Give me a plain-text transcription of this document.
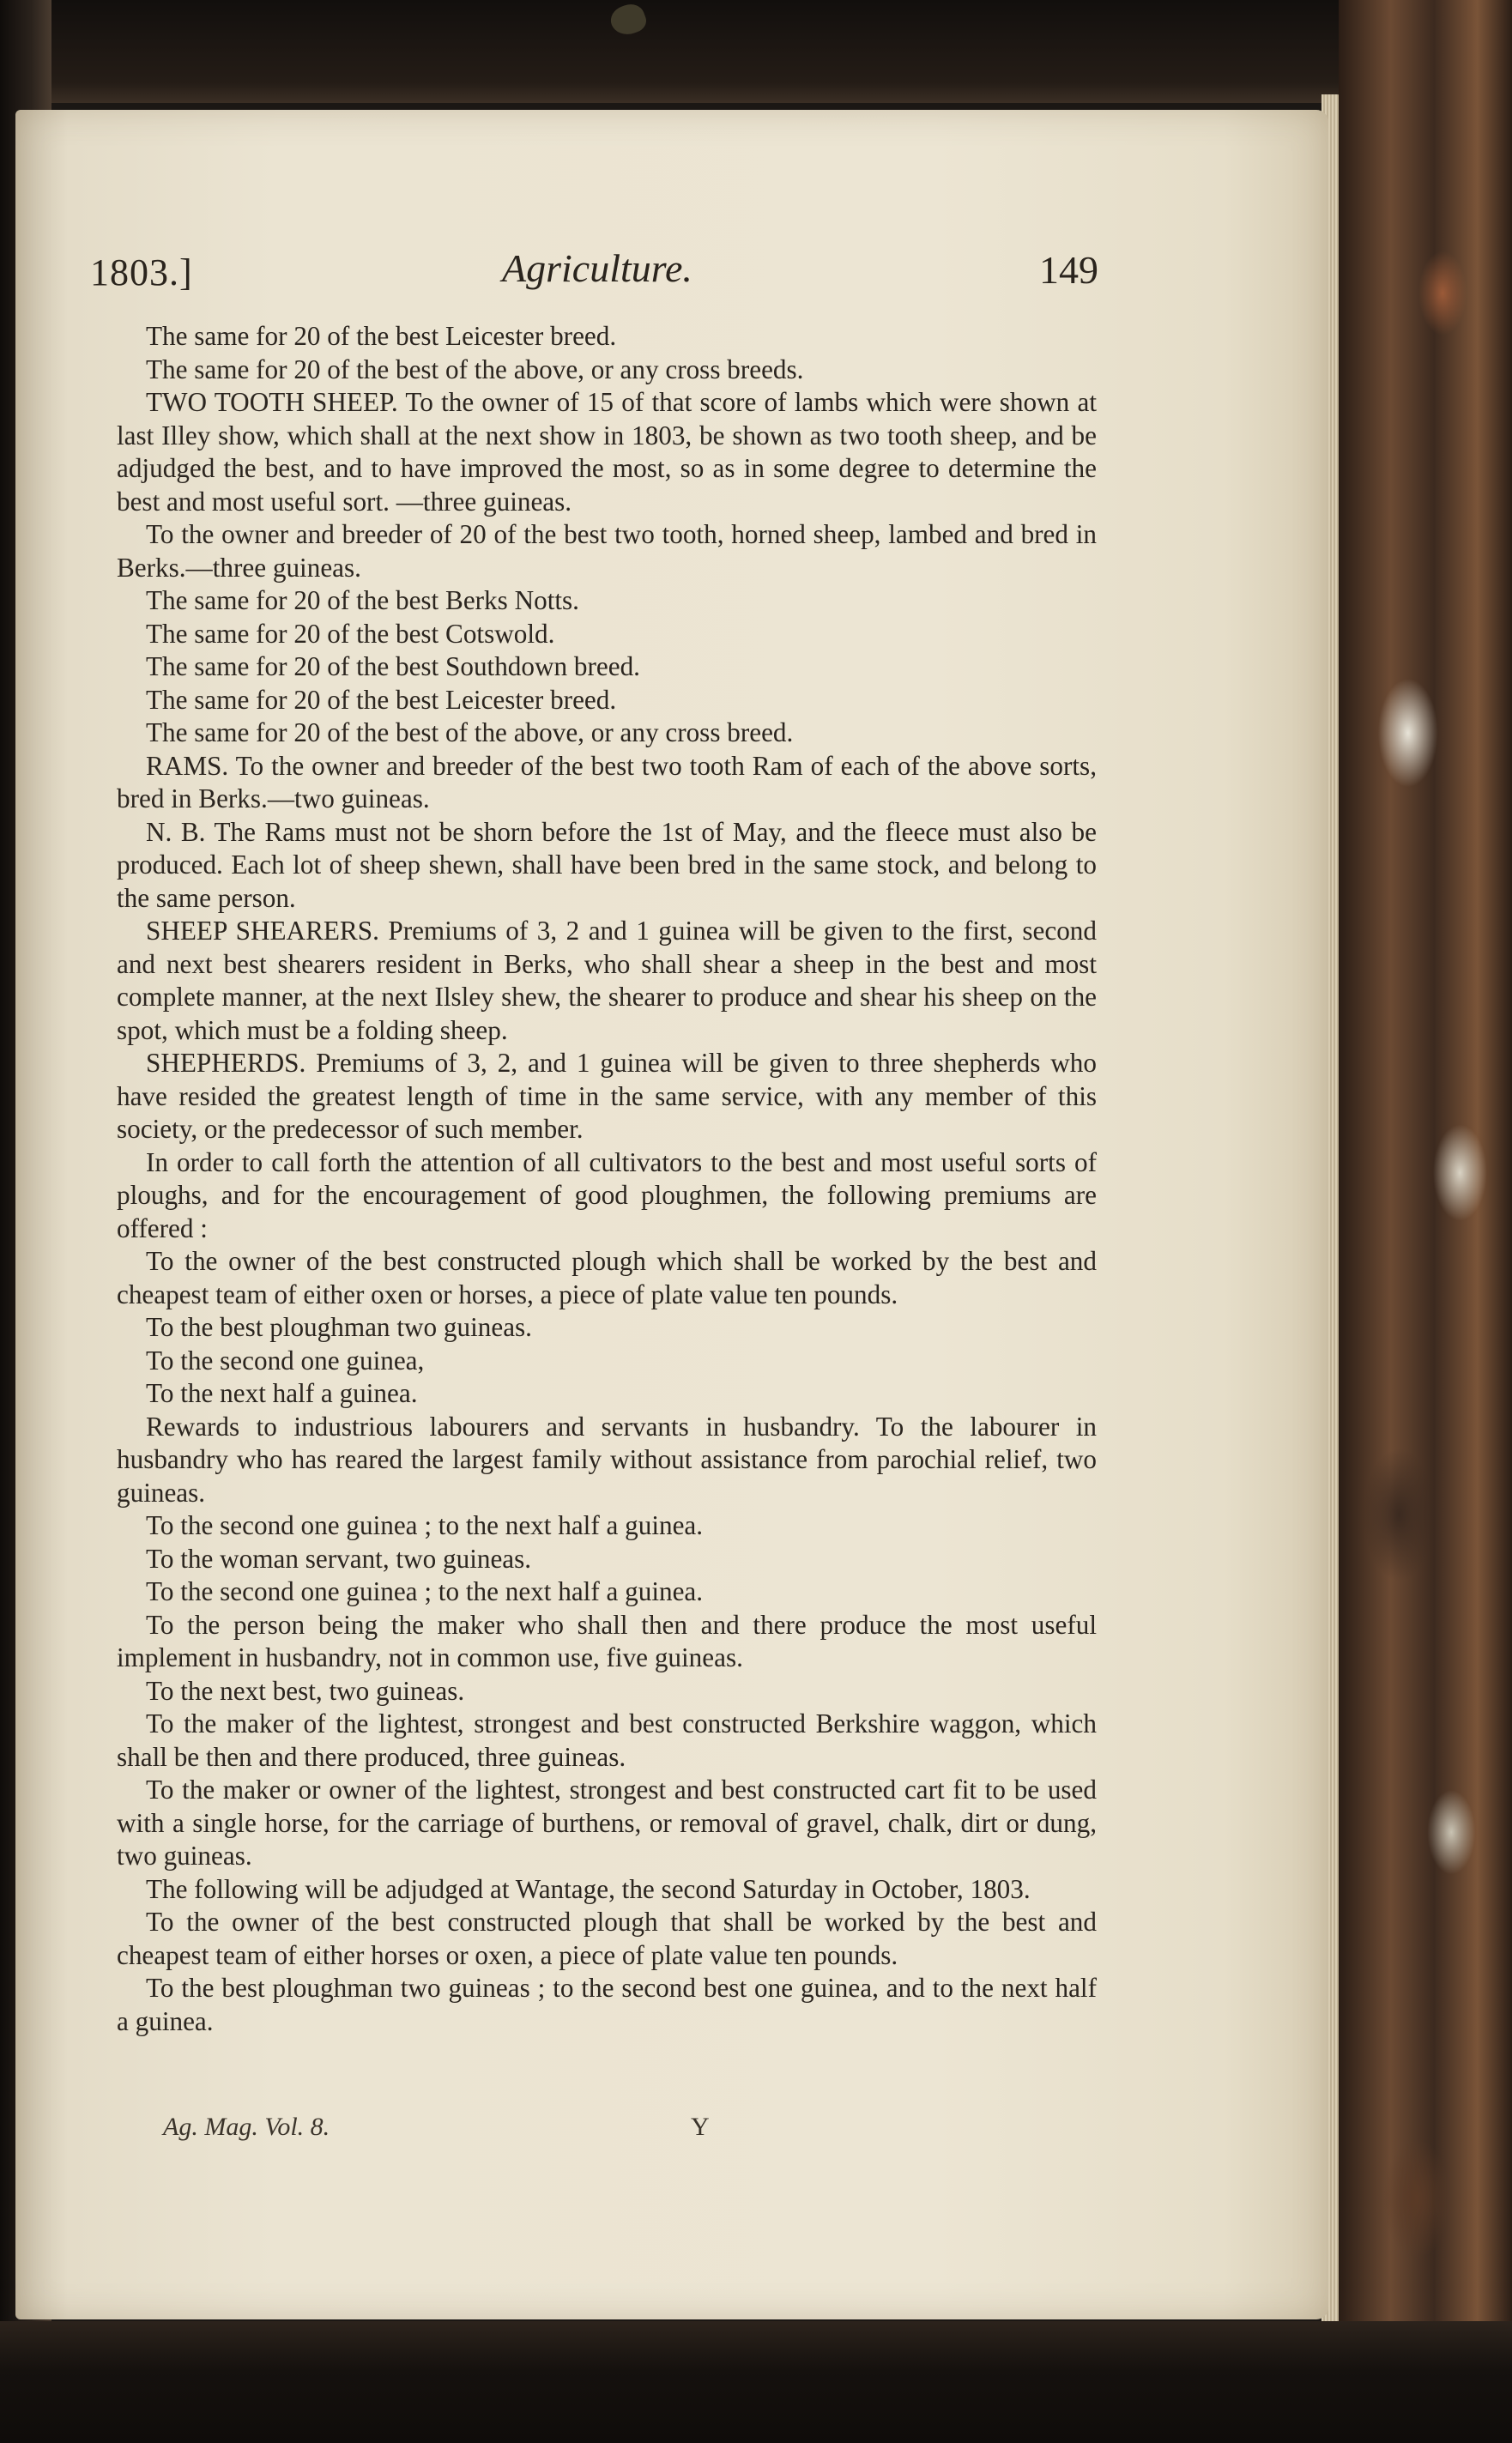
1803.]	Agriculture.	149

The same for 20 of the best Leicester breed.

The same for 20 of the best of the above, or any cross breeds.

TWO TOOTH SHEEP. To the owner of 15 of that score of lambs which were shown at last Illey show, which shall at the next show in 1803, be shown as two tooth sheep, and be adjudged the best, and to have improved the most, so as in some degree to determine the best and most useful sort. —three guineas.

To the owner and breeder of 20 of the best two tooth, horned sheep, lambed and bred in Berks.—three guineas.

The same for 20 of the best Berks Notts.

The same for 20 of the best Cotswold.

The same for 20 of the best Southdown breed.

The same for 20 of the best Leicester breed.

The same for 20 of the best of the above, or any cross breed.

RAMS. To the owner and breeder of the best two tooth Ram of each of the above sorts, bred in Berks.—two guineas.

N. B. The Rams must not be shorn before the 1st of May, and the fleece must also be produced. Each lot of sheep shewn, shall have been bred in the same stock, and belong to the same person.

SHEEP SHEARERS. Premiums of 3, 2 and 1 guinea will be given to the first, second and next best shearers resident in Berks, who shall shear a sheep in the best and most complete manner, at the next Ilsley shew, the shearer to produce and shear his sheep on the spot, which must be a folding sheep.

SHEPHERDS. Premiums of 3, 2, and 1 guinea will be given to three shepherds who have resided the greatest length of time in the same service, with any member of this society, or the predecessor of such member.

In order to call forth the attention of all cultivators to the best and most useful sorts of ploughs, and for the encouragement of good ploughmen, the following premiums are offered :

To the owner of the best constructed plough which shall be worked by the best and cheapest team of either oxen or horses, a piece of plate value ten pounds.

To the best ploughman two guineas.

To the second one guinea,

To the next half a guinea.

Rewards to industrious labourers and servants in husbandry. To the labourer in husbandry who has reared the largest family without assistance from parochial relief, two guineas.

To the second one guinea ; to the next half a guinea.

To the woman servant, two guineas.

To the second one guinea ; to the next half a guinea.

To the person being the maker who shall then and there produce the most useful implement in husbandry, not in common use, five guineas.

To the next best, two guineas.

To the maker of the lightest, strongest and best constructed Berkshire waggon, which shall be then and there produced, three guineas.

To the maker or owner of the lightest, strongest and best constructed cart fit to be used with a single horse, for the carriage of burthens, or removal of gravel, chalk, dirt or dung, two guineas.

The following will be adjudged at Wantage, the second Saturday in October, 1803.

To the owner of the best constructed plough that shall be worked by the best and cheapest team of either horses or oxen, a piece of plate value ten pounds.

To the best ploughman two guineas ; to the second best one guinea, and to the next half a guinea.

Ag. Mag. Vol. 8.	Y
